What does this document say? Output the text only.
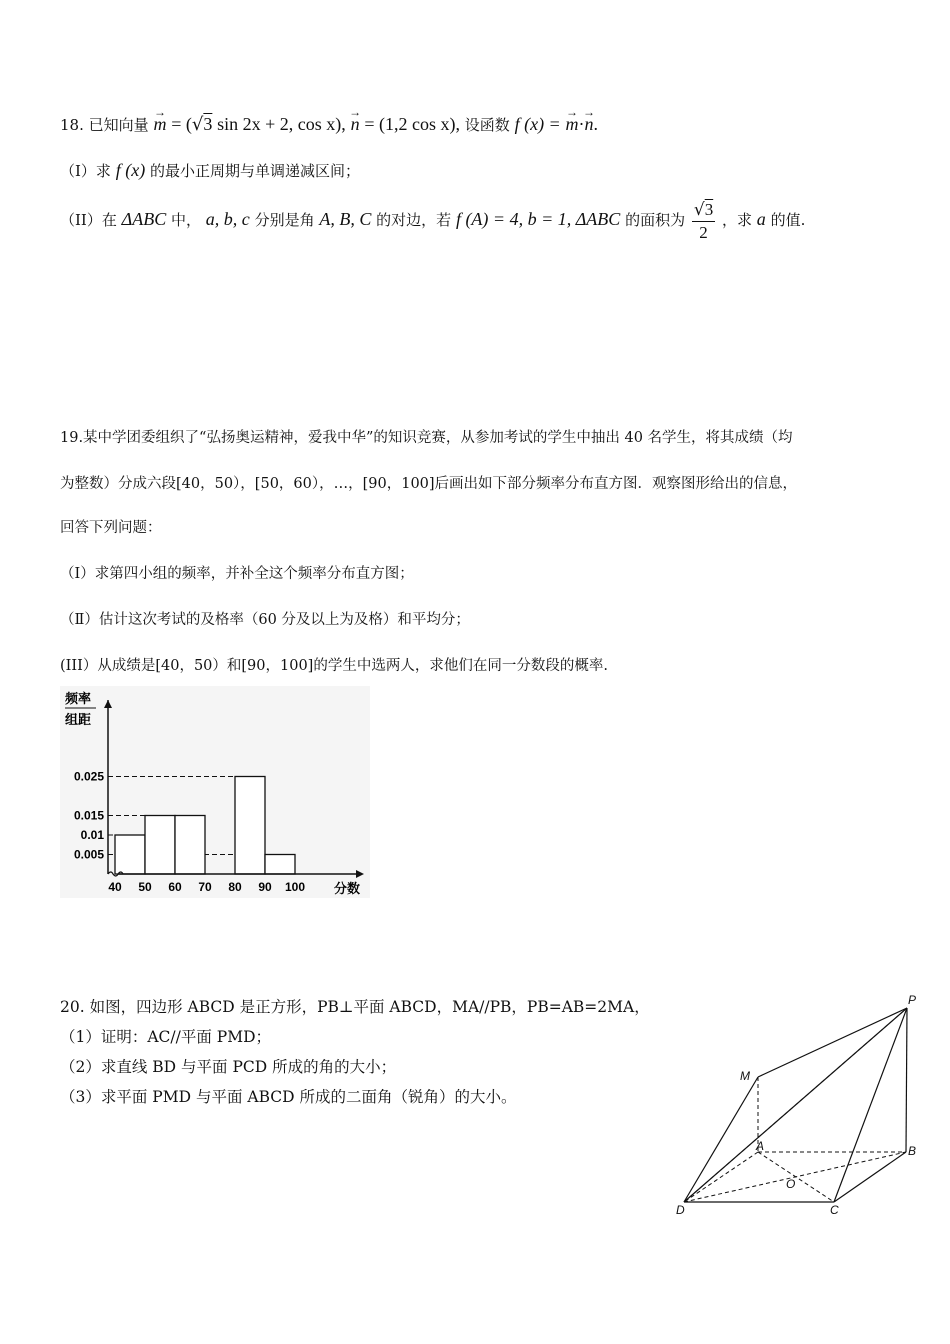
18. 已知向量 → m = (√3 sin 2x + 2, cos x), → n = (1,2 cos x), 设函数 f (x) = → m·→ n.
（I）求 f (x) 的最小正周期与单调递减区间；
（II）在 ΔABC 中， a, b, c 分别是角 A, B, C 的对边，若 f (A) = 4, b = 1, ΔABC 的面积为 $\frac{√3}{2}$ ，求 a 的值.
19.某中学团委组织了“弘扬奥运精神，爱我中华”的知识竞赛，从参加考试的学生中抽出 40 名学生，将其成绩（均
为整数）分成六段[40，50），[50，60），…，[90，100]后画出如下部分频率分布直方图．观察图形给出的信息，
回答下列问题：
（Ⅰ）求第四小组的频率，并补全这个频率分布直方图；
（Ⅱ）估计这次考试的及格率（60 分及以上为及格）和平均分；
(III）从成绩是[40，50）和[90，100]的学生中选两人，求他们在同一分数段的概率.
频率
组距
分数
40 50 60 70 80 90 100
0.025
0.015
0.01
0.005
20. 如图，四边形 ABCD 是正方形，PB⊥平面 ABCD，MA//PB，PB=AB=2MA，
（1）证明：AC//平面 PMD；
（2）求直线 BD 与平面 PCD 所成的角的大小；
（3）求平面 PMD 与平面 ABCD 所成的二面角（锐角）的大小。
P
M
A	B
O
D	C
